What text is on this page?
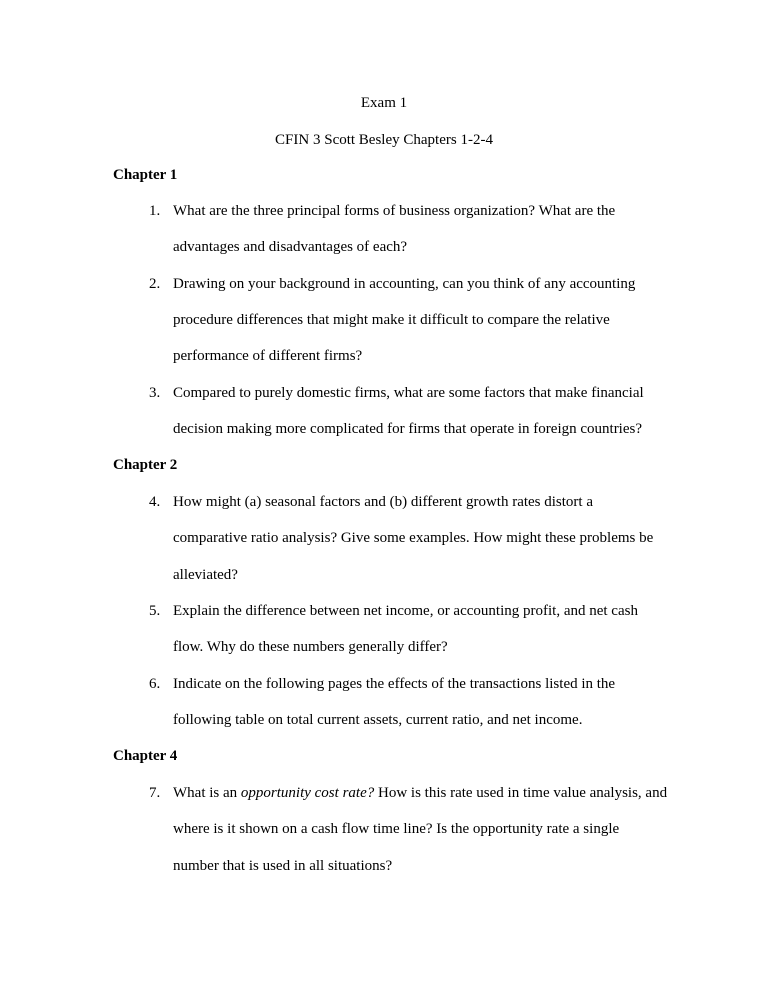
Exam 1
CFIN 3 Scott Besley Chapters 1-2-4
Chapter 1
1. What are the three principal forms of business organization? What are the
advantages and disadvantages of each?
2. Drawing on your background in accounting, can you think of any accounting
procedure differences that might make it difficult to compare the relative
performance of different firms?
3. Compared to purely domestic firms, what are some factors that make financial
decision making more complicated for firms that operate in foreign countries?
Chapter 2
4. How might (a) seasonal factors and (b) different growth rates distort a
comparative ratio analysis? Give some examples. How might these problems be
alleviated?
5. Explain the difference between net income, or accounting profit, and net cash
flow. Why do these numbers generally differ?
6. Indicate on the following pages the effects of the transactions listed in the
following table on total current assets, current ratio, and net income.
Chapter 4
7. What is an opportunity cost rate? How is this rate used in time value analysis, and
where is it shown on a cash flow time line? Is the opportunity rate a single
number that is used in all situations?
